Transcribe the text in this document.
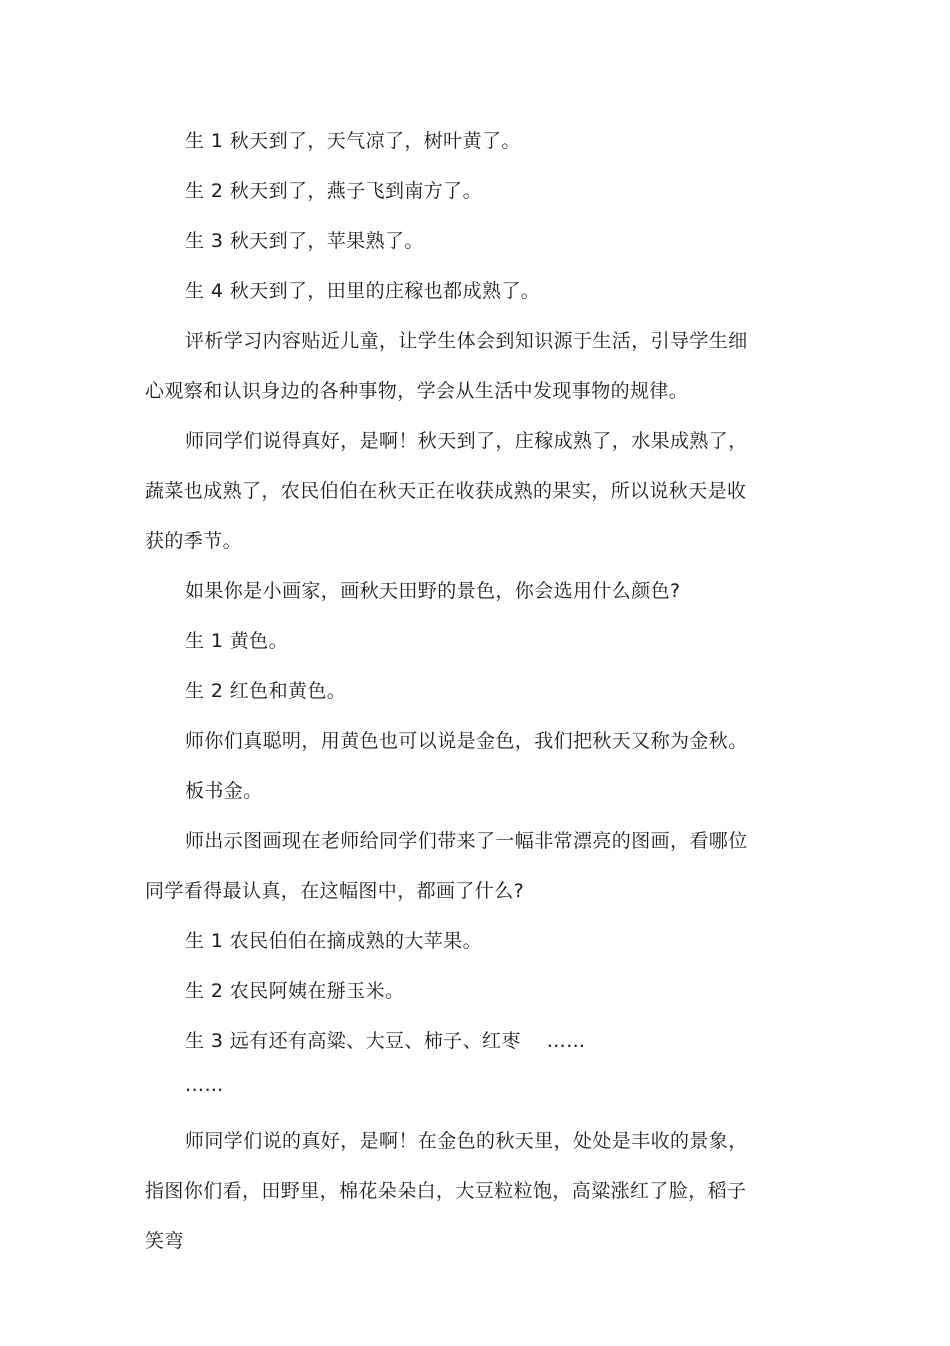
生 1 秋天到了，天气凉了，树叶黄了。

生 2 秋天到了，燕子飞到南方了。

生 3 秋天到了，苹果熟了。

生 4 秋天到了，田里的庄稼也都成熟了。

评析学习内容贴近儿童，让学生体会到知识源于生活，引导学生细心观察和认识身边的各种事物，学会从生活中发现事物的规律。

师同学们说得真好，是啊！秋天到了，庄稼成熟了，水果成熟了，蔬菜也成熟了，农民伯伯在秋天正在收获成熟的果实，所以说秋天是收获的季节。

如果你是小画家，画秋天田野的景色，你会选用什么颜色?

生 1 黄色。

生 2 红色和黄色。

师你们真聪明，用黄色也可以说是金色，我们把秋天又称为金秋。

板书金。

师出示图画现在老师给同学们带来了一幅非常漂亮的图画，看哪位同学看得最认真，在这幅图中，都画了什么?

生 1 农民伯伯在摘成熟的大苹果。

生 2 农民阿姨在掰玉米。

生 3 远有还有高粱、大豆、柿子、红枣 ……

……

师同学们说的真好，是啊！在金色的秋天里，处处是丰收的景象，指图你们看，田野里，棉花朵朵白，大豆粒粒饱，高粱涨红了脸，稻子笑弯
